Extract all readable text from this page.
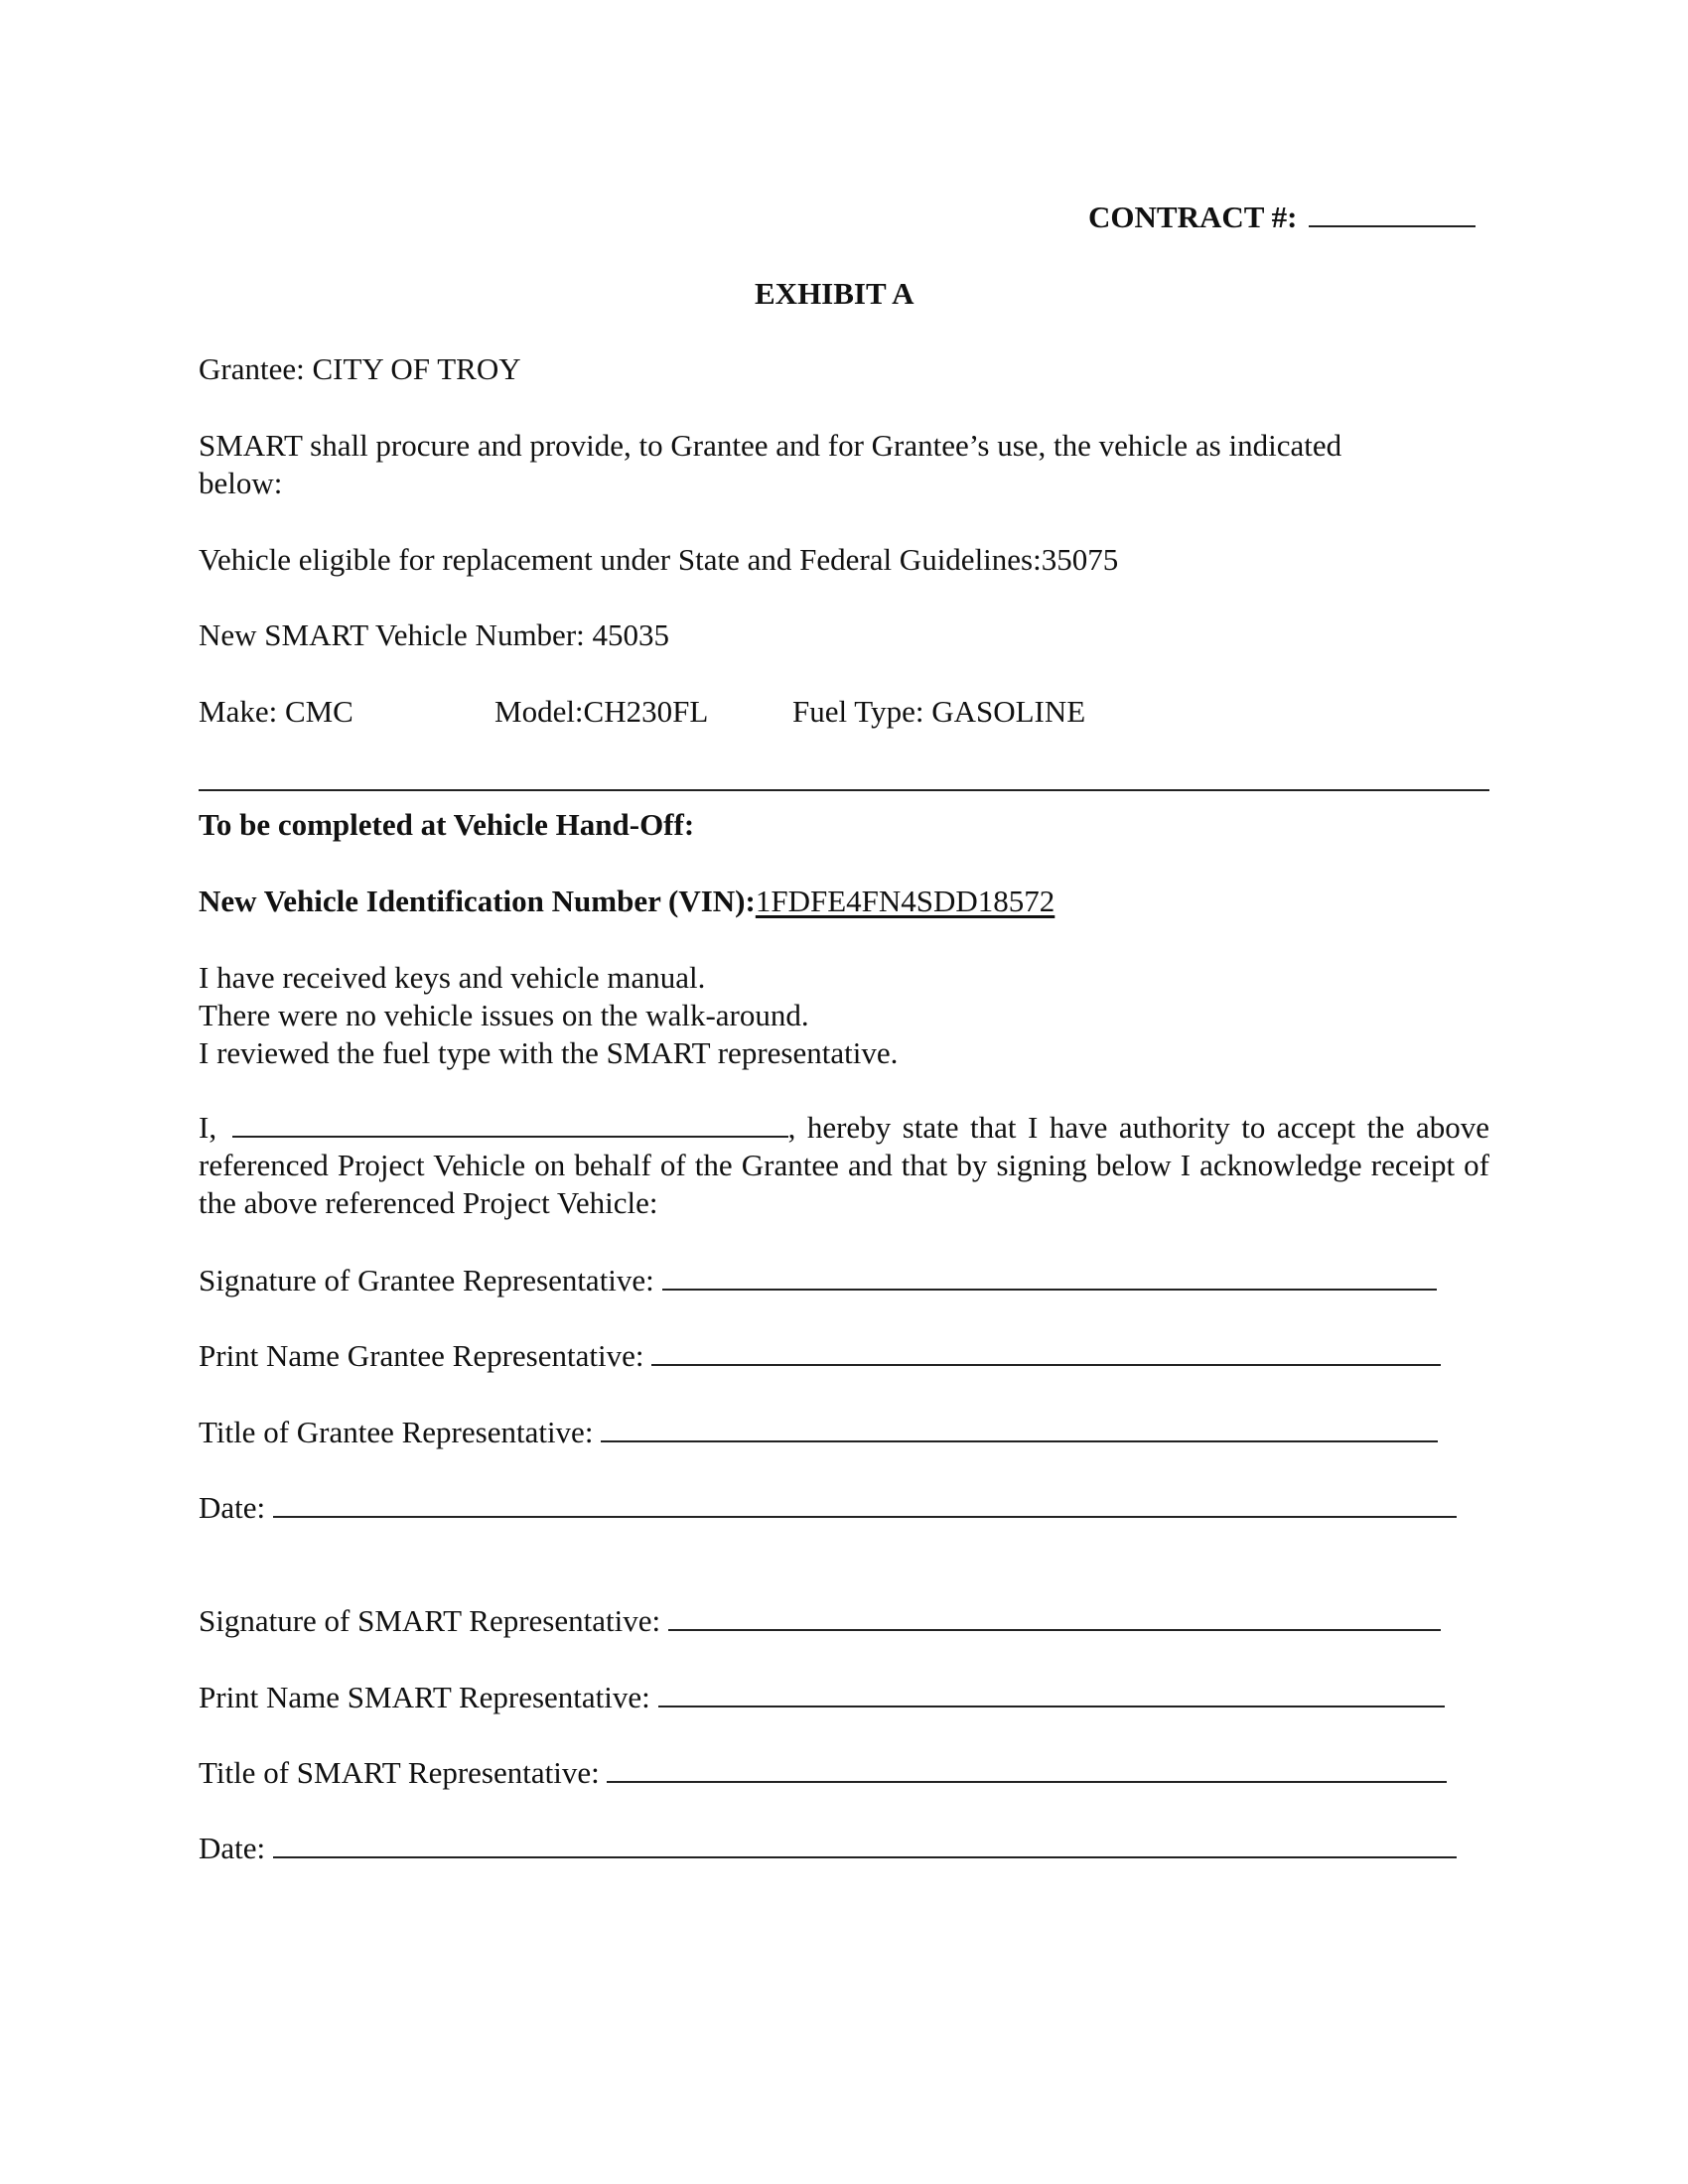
CONTRACT #:
EXHIBIT A
Grantee: CITY OF TROY
SMART shall procure and provide, to Grantee and for Grantee’s use, the vehicle as indicated
below:
Vehicle eligible for replacement under State and Federal Guidelines:35075
New SMART Vehicle Number: 45035
Make: CMC	Model:CH230FL	Fuel Type: GASOLINE
To be completed at Vehicle Hand-Off:
New Vehicle Identification Number (VIN):1FDFE4FN4SDD18572
I have received keys and vehicle manual.
There were no vehicle issues on the walk-around.
I reviewed the fuel type with the SMART representative.
I,	, hereby state that I have authority to accept the above referenced Project Vehicle on behalf of the Grantee and that by signing below I acknowledge receipt of the above referenced Project Vehicle:
Signature of Grantee Representative:
Print Name Grantee Representative:
Title of Grantee Representative:
Date:
Signature of SMART Representative:
Print Name SMART Representative:
Title of SMART Representative:
Date:
